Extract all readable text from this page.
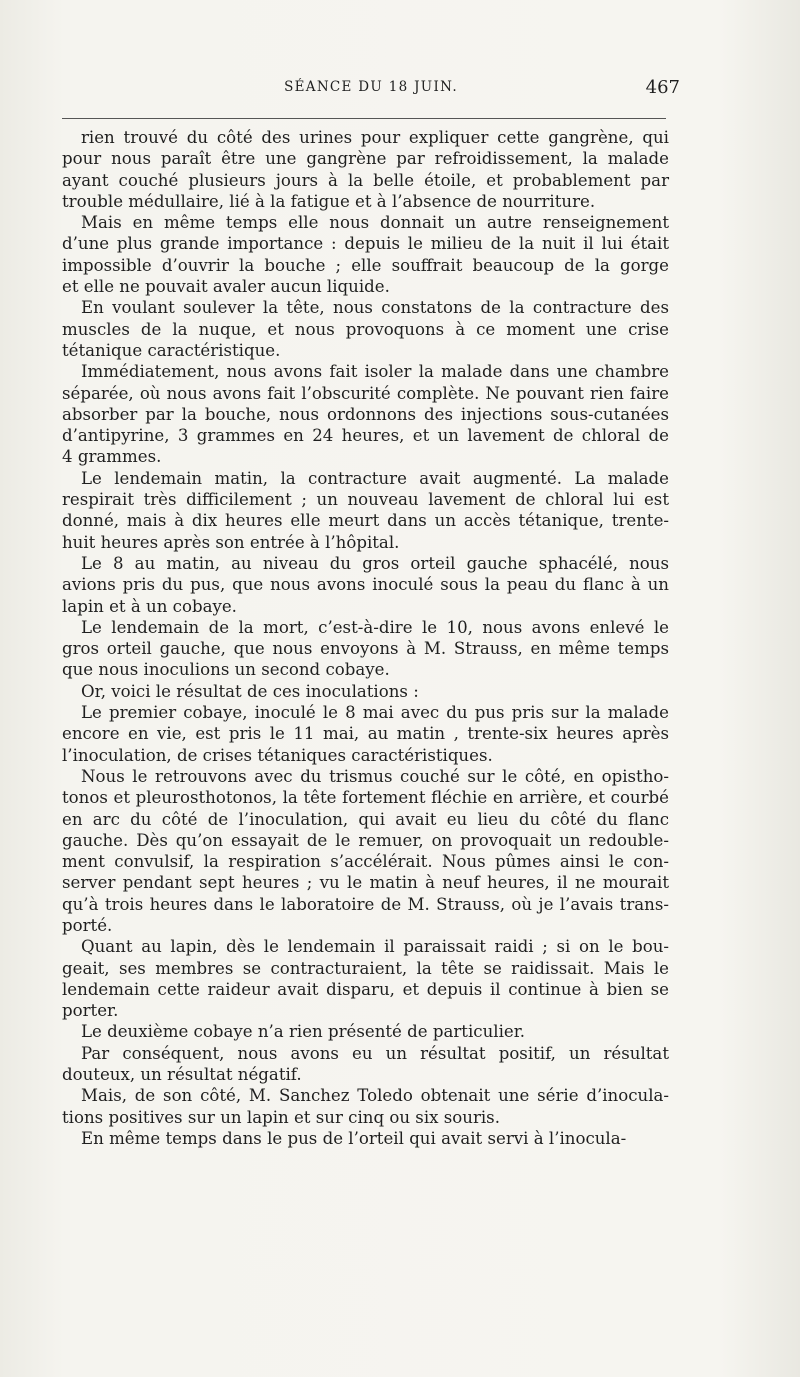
SÉANCE DU 18 JUIN.	467
rien trouvé du côté des urines pour expliquer cette gangrène, qui
pour nous paraît être une gangrène par refroidissement, la malade
ayant couché plusieurs jours à la belle étoile, et probablement par
trouble médullaire, lié à la fatigue et à l’absence de nourriture.
Mais en même temps elle nous donnait un autre renseignement
d’une plus grande importance : depuis le milieu de la nuit il lui était
impossible d’ouvrir la bouche ; elle souffrait beaucoup de la gorge
et elle ne pouvait avaler aucun liquide.
En voulant soulever la tête, nous constatons de la contracture des
muscles de la nuque, et nous provoquons à ce moment une crise
tétanique caractéristique.
Immédiatement, nous avons fait isoler la malade dans une chambre
séparée, où nous avons fait l’obscurité complète. Ne pouvant rien faire
absorber par la bouche, nous ordonnons des injections sous-cutanées
d’antipyrine, 3 grammes en 24 heures, et un lavement de chloral de
4 grammes.
Le lendemain matin, la contracture avait augmenté. La malade
respirait très difficilement ; un nouveau lavement de chloral lui est
donné, mais à dix heures elle meurt dans un accès tétanique, trente-
huit heures après son entrée à l’hôpital.
Le 8 au matin, au niveau du gros orteil gauche sphacélé, nous
avions pris du pus, que nous avons inoculé sous la peau du flanc à un
lapin et à un cobaye.
Le lendemain de la mort, c’est-à-dire le 10, nous avons enlevé le
gros orteil gauche, que nous envoyons à M. Strauss, en même temps
que nous inoculions un second cobaye.
Or, voici le résultat de ces inoculations :
Le premier cobaye, inoculé le 8 mai avec du pus pris sur la malade
encore en vie, est pris le 11 mai, au matin , trente-six heures après
l’inoculation, de crises tétaniques caractéristiques.
Nous le retrouvons avec du trismus couché sur le côté, en opistho-
tonos et pleurosthotonos, la tête fortement fléchie en arrière, et courbé
en arc du côté de l’inoculation, qui avait eu lieu du côté du flanc
gauche. Dès qu’on essayait de le remuer, on provoquait un redouble-
ment convulsif, la respiration s’accélérait. Nous pûmes ainsi le con-
server pendant sept heures ; vu le matin à neuf heures, il ne mourait
qu’à trois heures dans le laboratoire de M. Strauss, où je l’avais trans-
porté.
Quant au lapin, dès le lendemain il paraissait raidi ; si on le bou-
geait, ses membres se contracturaient, la tête se raidissait. Mais le
lendemain cette raideur avait disparu, et depuis il continue à bien se
porter.
Le deuxième cobaye n’a rien présenté de particulier.
Par conséquent, nous avons eu un résultat positif, un résultat
douteux, un résultat négatif.
Mais, de son côté, M. Sanchez Toledo obtenait une série d’inocula-
tions positives sur un lapin et sur cinq ou six souris.
En même temps dans le pus de l’orteil qui avait servi à l’inocula-
